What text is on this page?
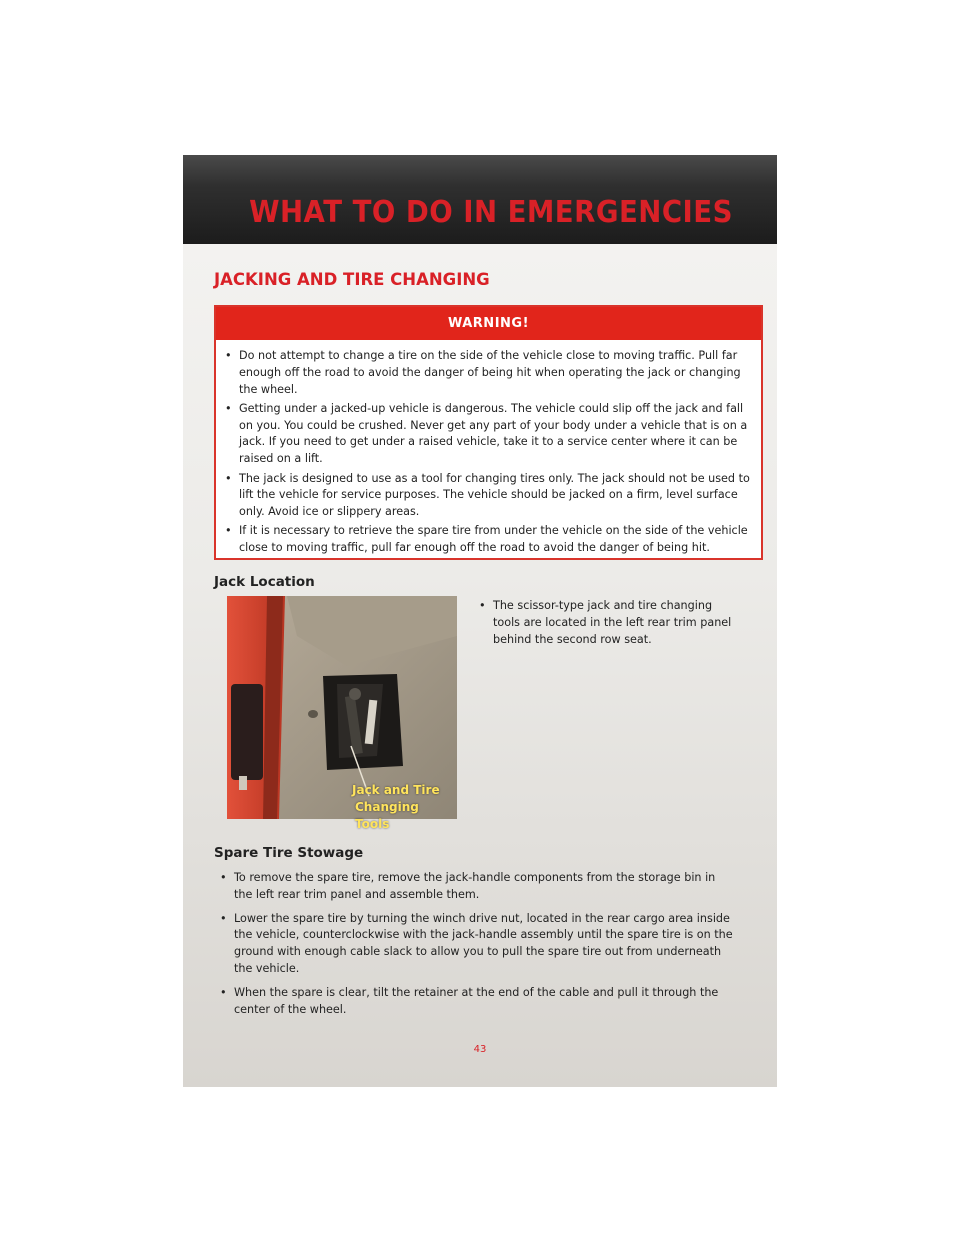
WHAT TO DO IN EMERGENCIES
JACKING AND TIRE CHANGING
WARNING!
• Do not attempt to change a tire on the side of the vehicle close to moving traffic. Pull far enough off the road to avoid the danger of being hit when operating the jack or changing the wheel.
• Getting under a jacked-up vehicle is dangerous. The vehicle could slip off the jack and fall on you. You could be crushed. Never get any part of your body under a vehicle that is on a jack. If you need to get under a raised vehicle, take it to a service center where it can be raised on a lift.
• The jack is designed to use as a tool for changing tires only. The jack should not be used to lift the vehicle for service purposes. The vehicle should be jacked on a firm, level surface only. Avoid ice or slippery areas.
• If it is necessary to retrieve the spare tire from under the vehicle on the side of the vehicle close to moving traffic, pull far enough off the road to avoid the danger of being hit.
Jack Location
Jack and Tire
Changing Tools
• The scissor-type jack and tire changing tools are located in the left rear trim panel behind the second row seat.
Spare Tire Stowage
• To remove the spare tire, remove the jack-handle components from the storage bin in the left rear trim panel and assemble them.
• Lower the spare tire by turning the winch drive nut, located in the rear cargo area inside the vehicle, counterclockwise with the jack-handle assembly until the spare tire is on the ground with enough cable slack to allow you to pull the spare tire out from underneath the vehicle.
• When the spare is clear, tilt the retainer at the end of the cable and pull it through the center of the wheel.

43
